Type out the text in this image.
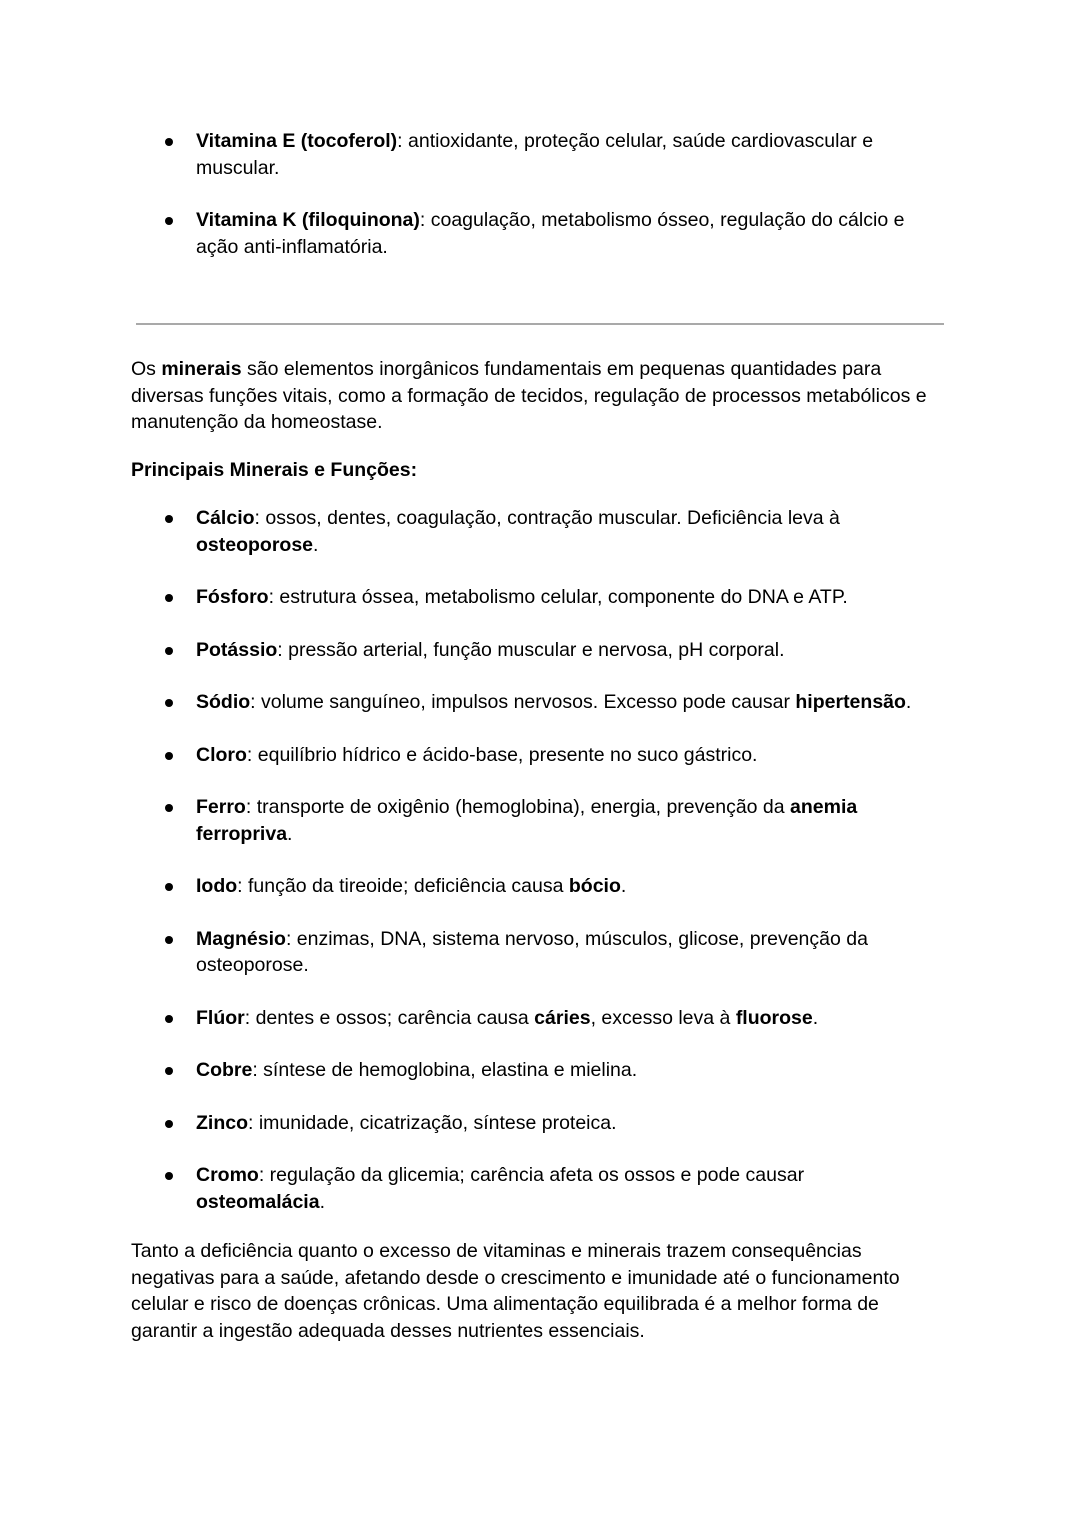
Vitamina E (tocoferol): antioxidante, proteção celular, saúde cardiovascular e muscular.
Vitamina K (filoquinona): coagulação, metabolismo ósseo, regulação do cálcio e ação anti-inflamatória.

Os minerais são elementos inorgânicos fundamentais em pequenas quantidades para diversas funções vitais, como a formação de tecidos, regulação de processos metabólicos e manutenção da homeostase.

Principais Minerais e Funções:

Cálcio: ossos, dentes, coagulação, contração muscular. Deficiência leva à osteoporose.
Fósforo: estrutura óssea, metabolismo celular, componente do DNA e ATP.
Potássio: pressão arterial, função muscular e nervosa, pH corporal.
Sódio: volume sanguíneo, impulsos nervosos. Excesso pode causar hipertensão.
Cloro: equilíbrio hídrico e ácido-base, presente no suco gástrico.
Ferro: transporte de oxigênio (hemoglobina), energia, prevenção da anemia ferropriva.
Iodo: função da tireoide; deficiência causa bócio.
Magnésio: enzimas, DNA, sistema nervoso, músculos, glicose, prevenção da osteoporose.
Flúor: dentes e ossos; carência causa cáries, excesso leva à fluorose.
Cobre: síntese de hemoglobina, elastina e mielina.
Zinco: imunidade, cicatrização, síntese proteica.
Cromo: regulação da glicemia; carência afeta os ossos e pode causar osteomalácia.

Tanto a deficiência quanto o excesso de vitaminas e minerais trazem consequências negativas para a saúde, afetando desde o crescimento e imunidade até o funcionamento celular e risco de doenças crônicas. Uma alimentação equilibrada é a melhor forma de garantir a ingestão adequada desses nutrientes essenciais.
